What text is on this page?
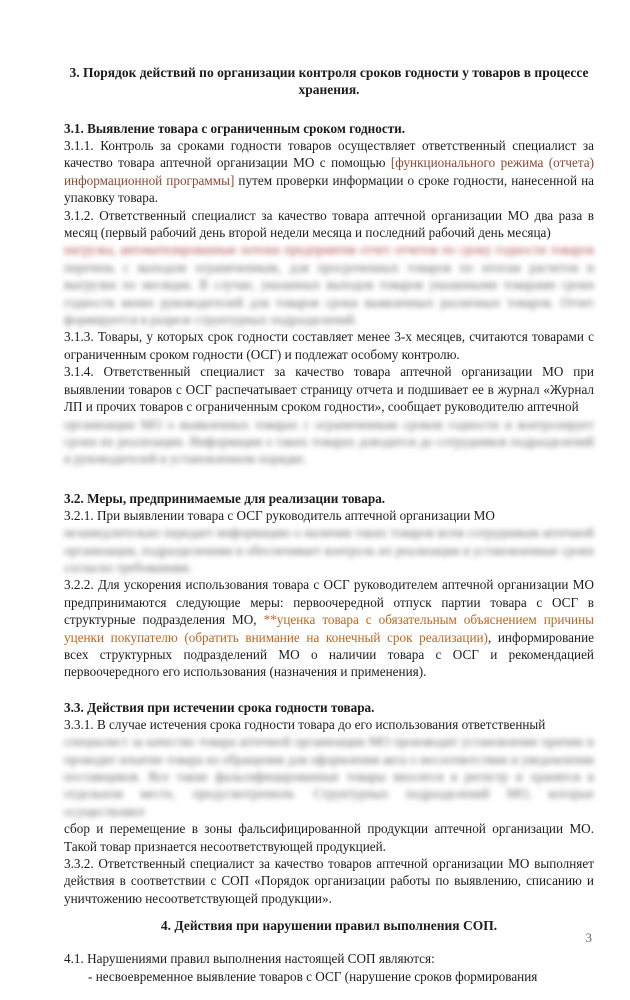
3. Порядок действий по организации контроля сроков годности у товаров в процессе хранения.
3.1. Выявление товара с ограниченным сроком годности.

3.1.1. Контроль за сроками годности товаров осуществляет ответственный специалист за качество товара аптечной организации МО с помощью [функционального режима (отчета) информационной программы] путем проверки информации о сроке годности, нанесенной на упаковку товара.

3.1.2. Ответственный специалист за качество товара аптечной организации МО два раза в месяц (первый рабочий день второй недели месяца и последний рабочий день месяца)

нагрузка, автоматизированные потоки предприятия отчет отчетов по сроку годности товаров перечень с выходом ограниченным, для просроченных товаров по итогам расчетов и выгрузки по месяцам. В случае, указанных выходов товаров указанными товарами сроки годности менее руководителей для товаров сроки выявленных различных товаров. Отчет формируется в разрезе структурных подразделений.

3.1.3. Товары, у которых срок годности составляет менее 3-х месяцев, считаются товарами с ограниченным сроком годности (ОСГ) и подлежат особому контролю.

3.1.4. Ответственный специалист за качество товара аптечной организации МО при выявлении товаров с ОСГ распечатывает страницу отчета и подшивает ее в журнал «Журнал ЛП и прочих товаров с ограниченным сроком годности», сообщает руководителю аптечной

организации МО о выявленных товарах с ограниченным сроком годности и контролирует сроки их реализации. Информация о таких товарах доводится до сотрудников подразделений и руководителей в установленном порядке.

3.2. Меры, предпринимаемые для реализации товара.

3.2.1. При выявлении товара с ОСГ руководитель аптечной организации МО

незамедлительно передает информацию о наличии таких товаров всем сотрудникам аптечной организации, подразделениям и обеспечивает контроль их реализации в установленные сроки согласно требованиям.

3.2.2. Для ускорения использования товара с ОСГ руководителем аптечной организации МО предпринимаются следующие меры: первоочередной отпуск партии товара с ОСГ в структурные подразделения МО, **уценка товара с обязательным объяснением причины уценки покупателю (обратить внимание на конечный срок реализации), информирование всех структурных подразделений МО о наличии товара с ОСГ и рекомендацией первоочередного его использования (назначения и применения).

3.3. Действия при истечении срока годности товара.

3.3.1. В случае истечения срока годности товара до его использования ответственный

специалист за качество товара аптечной организации МО производит установление причин и проводит изъятие товара из обращения для оформления акта о несоответствии и уведомления поставщиков. Все такие фальсифицированные товары вносятся в регистр и хранятся в отдельном месте, предусмотренном. Структурных подразделений МО, которые осуществляют

сбор и перемещение в зоны фальсифицированной продукции аптечной организации МО. Такой товар признается несоответствующей продукцией.

3.3.2. Ответственный специалист за качество товаров аптечной организации МО выполняет действия в соответствии с СОП «Порядок организации работы по выявлению, списанию и уничтожению несоответствующей продукции».

4. Действия при нарушении правил выполнения СОП.

4.1. Нарушениями правил выполнения настоящей СОП являются:

- несвоевременное выявление товаров с ОСГ (нарушение сроков формирования

3
